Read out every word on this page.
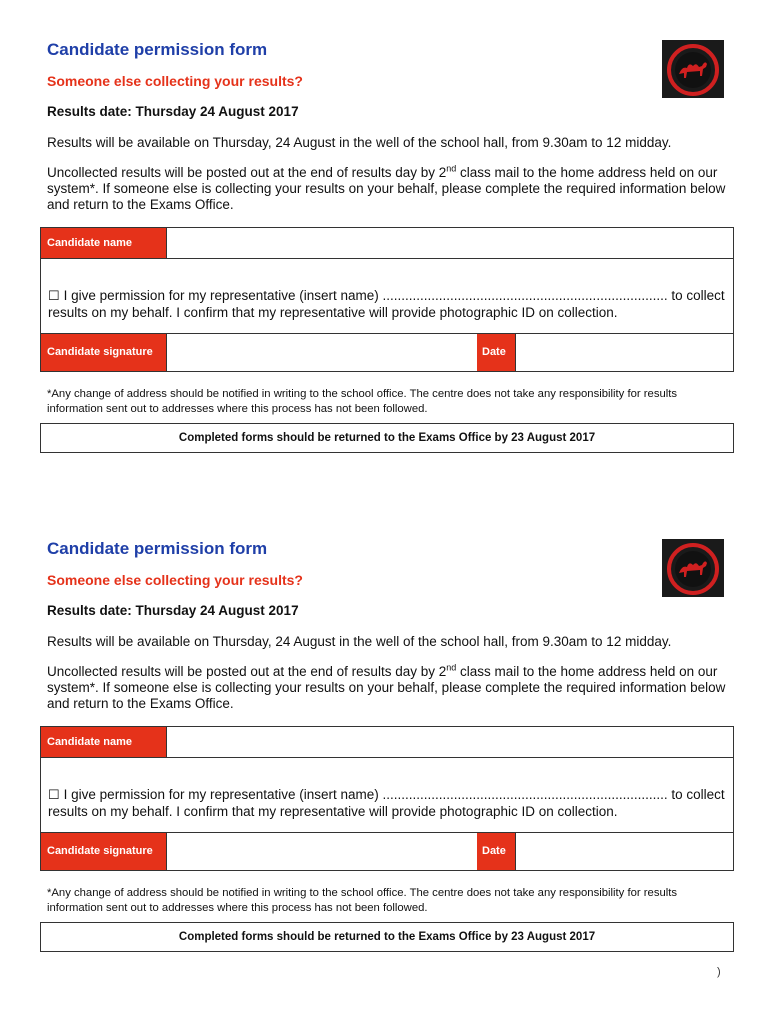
Candidate permission form
Someone else collecting your results?

Results date: Thursday 24 August 2017

Results will be available on Thursday, 24 August in the well of the school hall, from 9.30am to 12 midday.

Uncollected results will be posted out at the end of results day by 2nd class mail to the home address held on our system*. If someone else is collecting your results on your behalf, please complete the required information below and return to the Exams Office.

Candidate name

☐ I give permission for my representative (insert name) ............................................................................ to collect results on my behalf. I confirm that my representative will provide photographic ID on collection.

Candidate signature	Date

*Any change of address should be notified in writing to the school office. The centre does not take any responsibility for results information sent out to addresses where this process has not been followed.

Completed forms should be returned to the Exams Office by 23 August 2017
Candidate permission form
Someone else collecting your results?

Results date: Thursday 24 August 2017

Results will be available on Thursday, 24 August in the well of the school hall, from 9.30am to 12 midday.

Uncollected results will be posted out at the end of results day by 2nd class mail to the home address held on our system*. If someone else is collecting your results on your behalf, please complete the required information below and return to the Exams Office.

Candidate name

☐ I give permission for my representative (insert name) ............................................................................ to collect results on my behalf. I confirm that my representative will provide photographic ID on collection.

Candidate signature	Date

*Any change of address should be notified in writing to the school office. The centre does not take any responsibility for results information sent out to addresses where this process has not been followed.

Completed forms should be returned to the Exams Office by 23 August 2017
)
